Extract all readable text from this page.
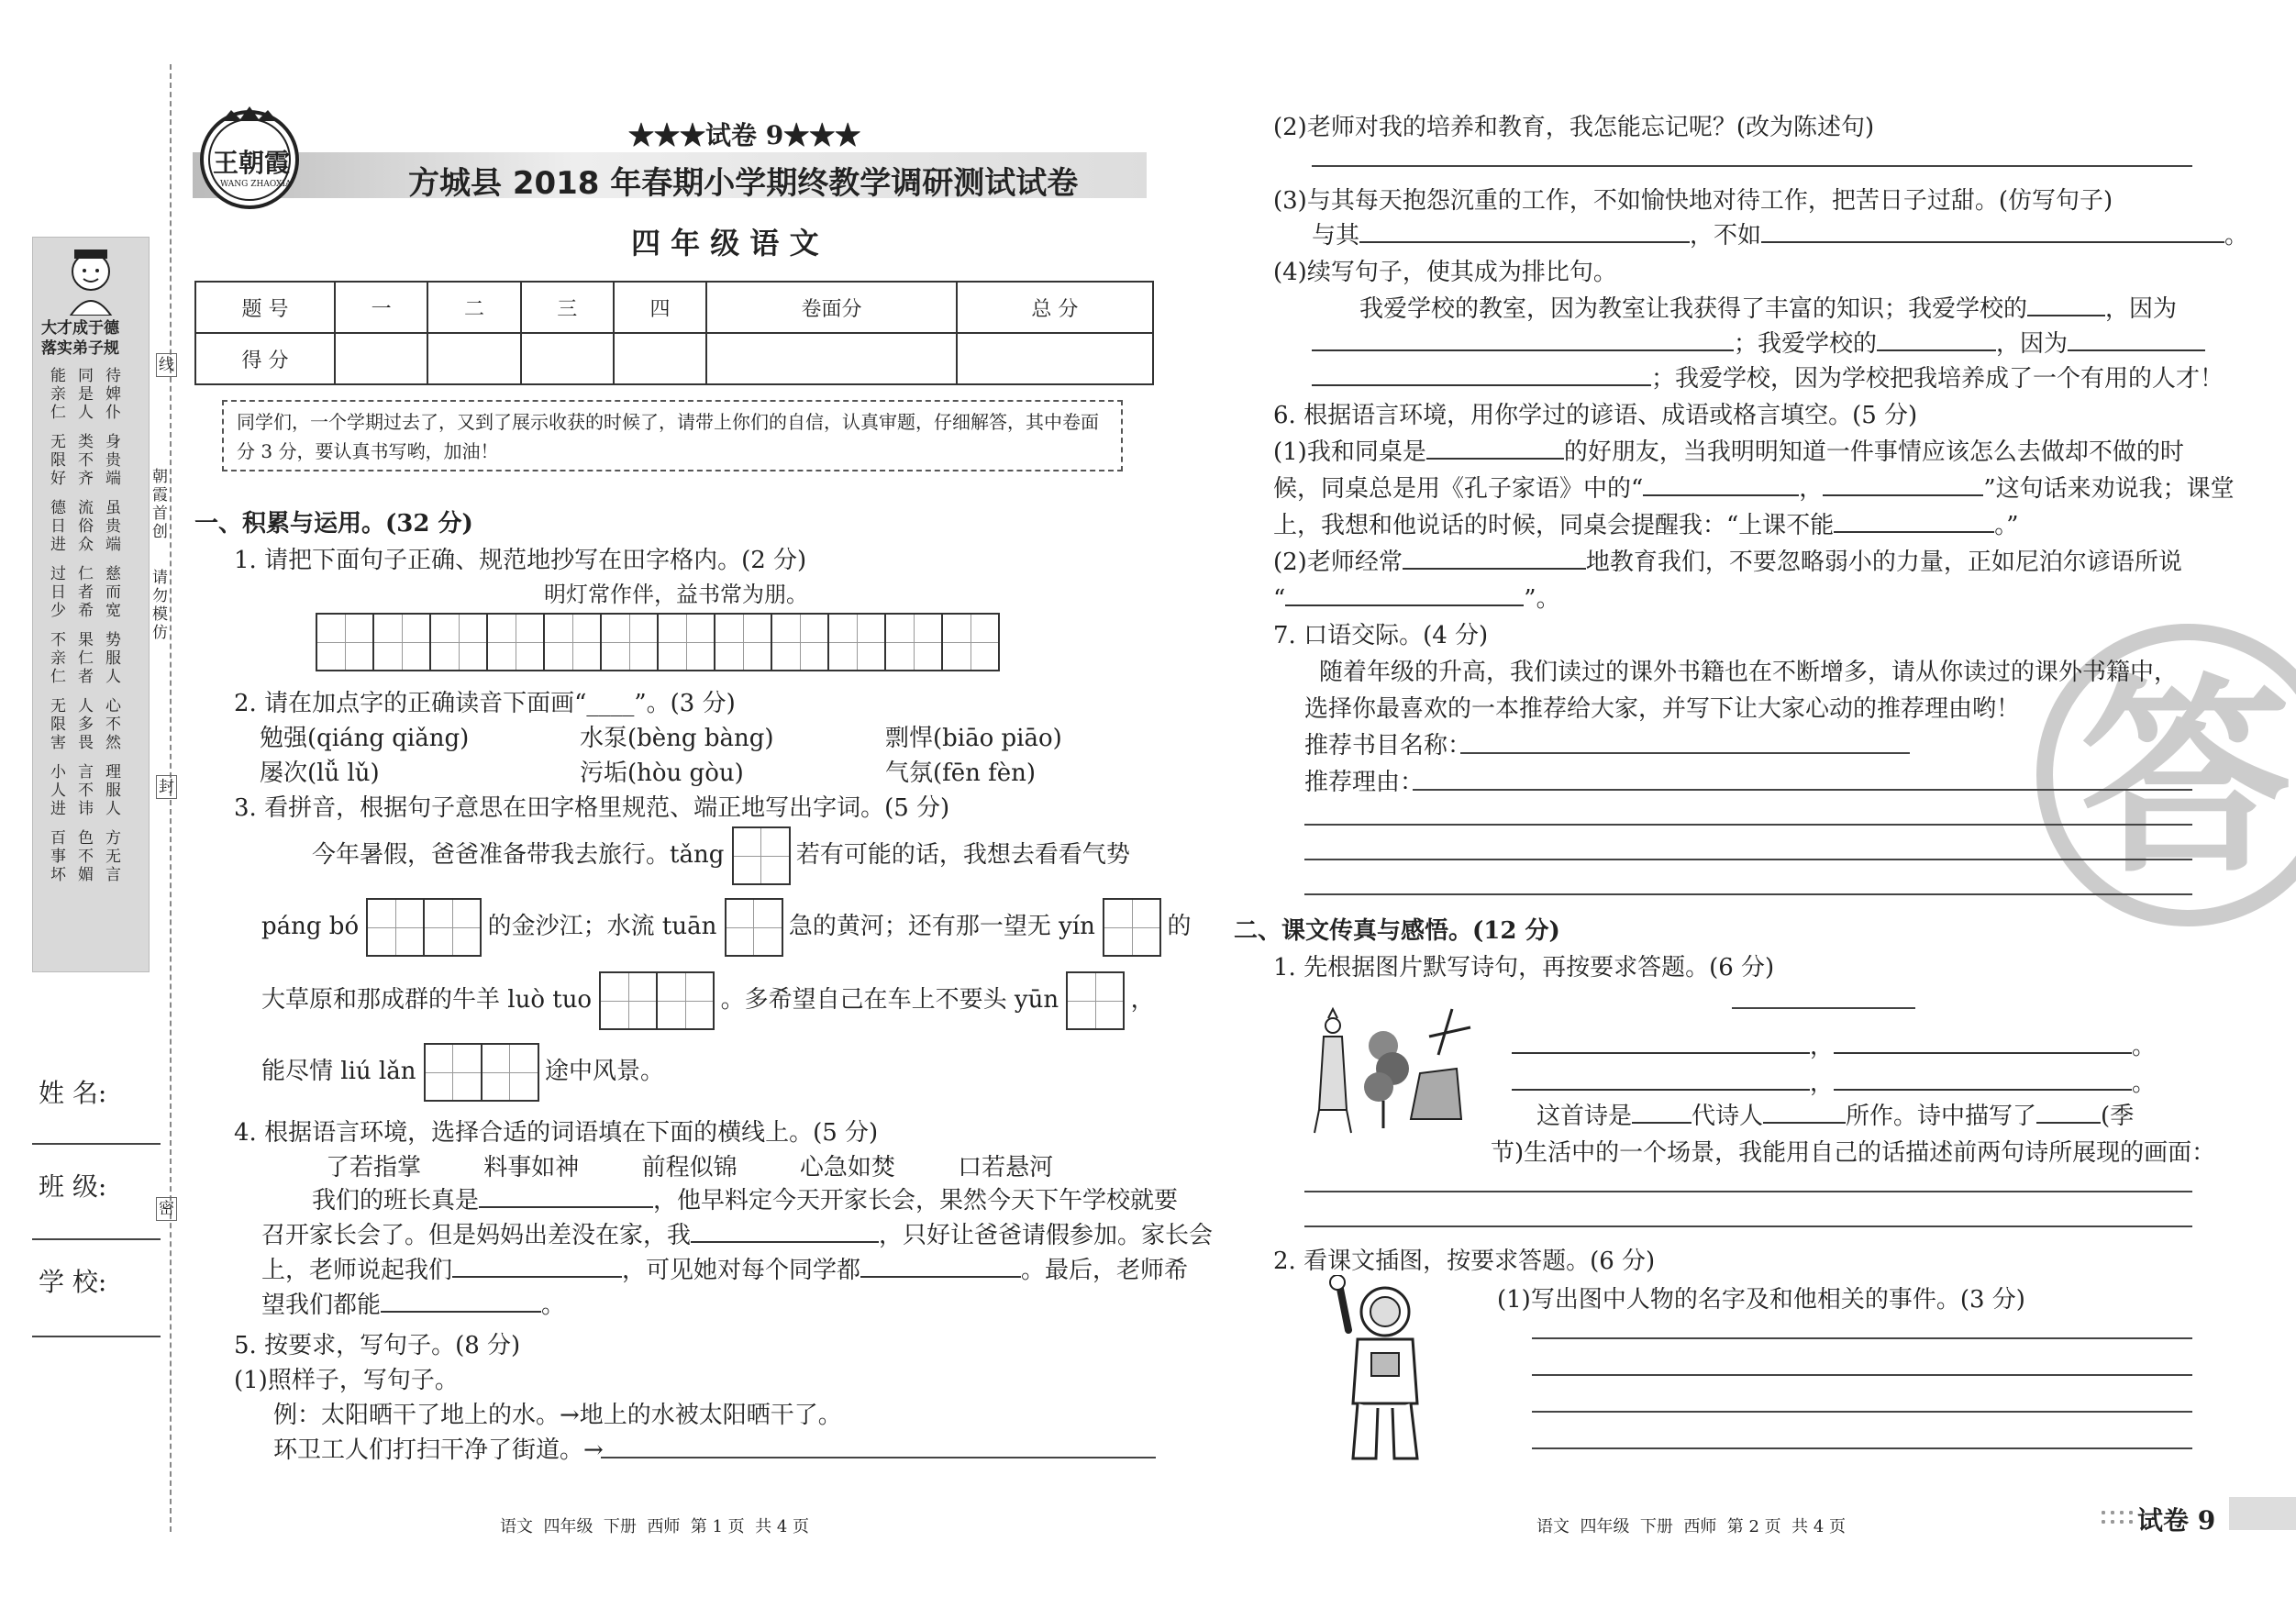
大才成于德
落实弟子规
能亲仁
同是人
待婢仆
无限好
类不齐
身贵端
德日进
流俗众
虽贵端
过日少
仁者希
慈而宽
不亲仁
果仁者
势服人
无限害
人多畏
心不然
小人进
言不讳
理服人
百事坏
色不媚
方无言
朝霞首创
请勿模仿
线
封
密
姓 名:
班 级:
学 校:
王朝霞
WANG ZHAOXIA
★★★试卷 9★★★
方城县 2018 年春期小学期终教学调研测试试卷
四 年 级 语 文
题 号	一	二	三	四	卷面分	总 分
得 分						
同学们，一个学期过去了，又到了展示收获的时候了，请带上你们的自信，认真审题，仔细解答，其中卷面分 3 分，要认真书写哟，加油！
一、积累与运用。(32 分)
1. 请把下面句子正确、规范地抄写在田字格内。(2 分)
明灯常作伴，益书常为朋。
2. 请在加点字的正确读音下面画“____”。(3 分)
勉强(qiáng qiǎng)	水泵(bèng bàng)	剽悍(biāo piāo)
屡次(lǚ lǔ)	污垢(hòu gòu)	气氛(fēn fèn)
3. 看拼音，根据句子意思在田字格里规范、端正地写出字词。(5 分)
今年暑假，爸爸准备带我去旅行。tǎng	若有可能的话，我想去看看气势
páng bó	的金沙江；水流 tuān	急的黄河；还有那一望无 yín	的
大草原和那成群的牛羊 luò tuo	。多希望自己在车上不要头 yūn	，
能尽情 liú lǎn	途中风景。
4. 根据语言环境，选择合适的词语填在下面的横线上。(5 分)
了若指掌	料事如神	前程似锦	心急如焚	口若悬河
我们的班长真是	，他早料定今天开家长会，果然今天下午学校就要
召开家长会了。但是妈妈出差没在家，我	，只好让爸爸请假参加。家长会
上，老师说起我们	，可见她对每个同学都	。最后，老师希
望我们都能	。
5. 按要求，写句子。(8 分)
(1)照样子，写句子。
例：太阳晒干了地上的水。→地上的水被太阳晒干了。
环卫工人们打扫干净了街道。→
语文  四年级  下册  西师  第 1 页  共 4 页
答
(2)老师对我的培养和教育，我怎能忘记呢？(改为陈述句)
(3)与其每天抱怨沉重的工作，不如愉快地对待工作，把苦日子过甜。(仿写句子)
与其	，不如	。
(4)续写句子，使其成为排比句。
我爱学校的教室，因为教室让我获得了丰富的知识；我爱学校的	，因为
；我爱学校的	，因为
；我爱学校，因为学校把我培养成了一个有用的人才！
6. 根据语言环境，用你学过的谚语、成语或格言填空。(5 分)
(1)我和同桌是	的好朋友，当我明明知道一件事情应该怎么去做却不做的时
候，同桌总是用《孔子家语》中的“	，	”这句话来劝说我；课堂
上，我想和他说话的时候，同桌会提醒我：“上课不能	。”
(2)老师经常	地教育我们，不要忽略弱小的力量，正如尼泊尔谚语所说
“	”。
7. 口语交际。(4 分)
随着年级的升高，我们读过的课外书籍也在不断增多，请从你读过的课外书籍中，
选择你最喜欢的一本推荐给大家，并写下让大家心动的推荐理由哟！
推荐书目名称：
推荐理由：
二、课文传真与感悟。(12 分)
1. 先根据图片默写诗句，再按要求答题。(6 分)
，	。
，	。
这首诗是	代诗人	所作。诗中描写了	(季
节)生活中的一个场景，我能用自己的话描述前两句诗所展现的画面：
2. 看课文插图，按要求答题。(6 分)
(1)写出图中人物的名字及和他相关的事件。(3 分)
语文  四年级  下册  西师  第 2 页  共 4 页	试卷 9
